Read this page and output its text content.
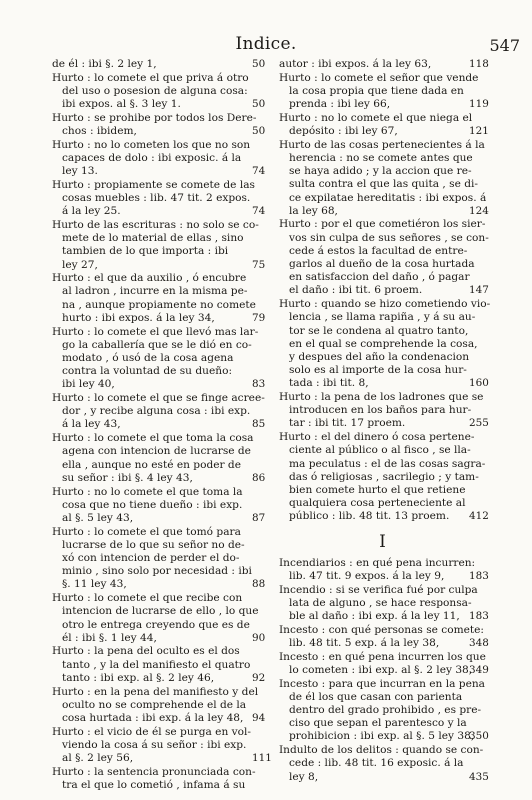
Indice.	547
de él : ibi §. 2 ley 1,	50
Hurto : lo comete el que priva á otro
del uso o posesion de alguna cosa:
ibi expos. al §. 3 ley 1.	50
Hurto : se prohibe por todos los Dere-
chos : ibidem,	50
Hurto : no lo cometen los que no son
capaces de dolo : ibi exposic. á la
ley 13.	74
Hurto : propiamente se comete de las
cosas muebles : lib. 47 tit. 2 expos.
á la ley 25.	74
Hurto de las escrituras : no solo se co-
mete de lo material de ellas , sino
tambien de lo que importa : ibi
ley 27,	75
Hurto : el que da auxilio , ó encubre
al ladron , incurre en la misma pe-
na , aunque propiamente no comete
hurto : ibi expos. á la ley 34,	79
Hurto : lo comete el que llevó mas lar-
go la caballería que se le dió en co-
modato , ó usó de la cosa agena
contra la voluntad de su dueño:
ibi ley 40,	83
Hurto : lo comete el que se finge acree-
dor , y recibe alguna cosa : ibi exp.
á la ley 43,	85
Hurto : lo comete el que toma la cosa
agena con intencion de lucrarse de
ella , aunque no esté en poder de
su señor : ibi §. 4 ley 43,	86
Hurto : no lo comete el que toma la
cosa que no tiene dueño : ibi exp.
al §. 5 ley 43,	87
Hurto : lo comete el que tomó para
lucrarse de lo que su señor no de-
xó con intencion de perder el do-
minio , sino solo por necesidad : ibi
§. 11 ley 43,	88
Hurto : lo comete el que recibe con
intencion de lucrarse de ello , lo que
otro le entrega creyendo que es de
él : ibi §. 1 ley 44,	90
Hurto : la pena del oculto es el dos
tanto , y la del manifiesto el quatro
tanto : ibi exp. al §. 2 ley 46,	92
Hurto : en la pena del manifiesto y del
oculto no se comprehende el de la
cosa hurtada : ibi exp. á la ley 48, 94
Hurto : el vicio de él se purga en vol-
viendo la cosa á su señor : ibi exp.
al §. 2 ley 56,	111
Hurto : la sentencia pronunciada con-
tra el que lo cometió , infama á su
autor : ibi expos. á la ley 63,	118
Hurto : lo comete el señor que vende
la cosa propia que tiene dada en
prenda : ibi ley 66,	119
Hurto : no lo comete el que niega el
depósito : ibi ley 67,	121
Hurto de las cosas pertenecientes á la
herencia : no se comete antes que
se haya adido ; y la accion que re-
sulta contra el que las quita , se di-
ce expilatae hereditatis : ibi expos. á
la ley 68,	124
Hurto : por el que cometiéron los sier-
vos sin culpa de sus señores , se con-
cede á estos la facultad de entre-
garlos al dueño de la cosa hurtada
en satisfaccion del daño , ó pagar
el daño : ibi tit. 6 proem.	147
Hurto : quando se hizo cometiendo vio-
lencia , se llama rapiña , y á su au-
tor se le condena al quatro tanto,
en el qual se comprehende la cosa,
y despues del año la condenacion
solo es al importe de la cosa hur-
tada : ibi tit. 8,	160
Hurto : la pena de los ladrones que se
introducen en los baños para hur-
tar : ibi tit. 17 proem.	255
Hurto : el del dinero ó cosa pertene-
ciente al público o al fisco , se lla-
ma peculatus : el de las cosas sagra-
das ó religiosas , sacrilegio ; y tam-
bien comete hurto el que retiene
qualquiera cosa perteneciente al
público : lib. 48 tit. 13 proem. 412
I
Incendiarios : en qué pena incurren:
lib. 47 tit. 9 expos. á la ley 9, 183
Incendio : si se verifica fué por culpa
lata de alguno , se hace responsa-
ble al daño : ibi exp. á la ley 11, 183
Incesto : con qué personas se comete:
lib. 48 tit. 5 exp. á la ley 38,	348
Incesto : en qué pena incurren los que
lo cometen : ibi exp. al §. 2 ley 38,
349
Incesto : para que incurran en la pena
de él los que casan con parienta
dentro del grado prohibido , es pre-
ciso que sepan el parentesco y la
prohibicion : ibi exp. al §. 5 ley 38,
350
Indulto de los delitos : quando se con-
cede : lib. 48 tit. 16 exposic. á la
ley 8,	435
